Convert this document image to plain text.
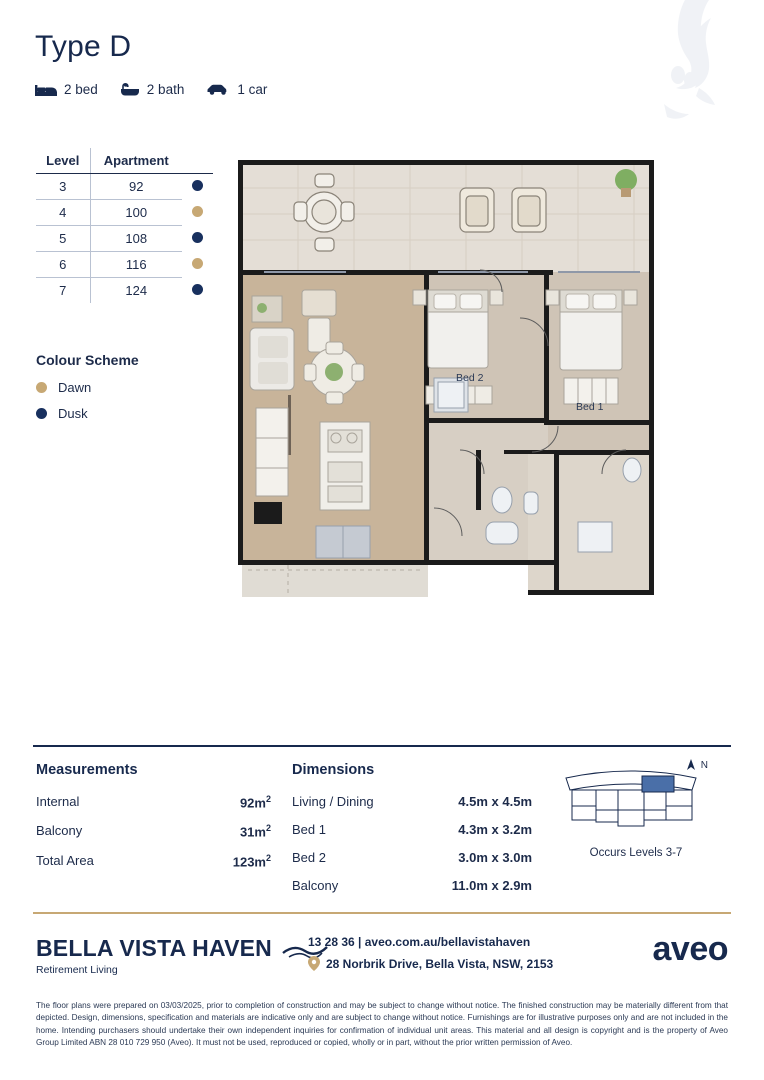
Type D
2 bed	2 bath	1 car
Level	Apartment	
3	92	
4	100	
5	108	
6	116	
7	124	
Colour Scheme
Dawn
Dusk
Bed 2
Bed 1
Measurements
Internal	$92m^2$
Balcony	$31m^2$
Total Area	$123m^2$
Dimensions
Living / Dining	4.5m x 4.5m
Bed 1	4.3m x 3.2m
Bed 2	3.0m x 3.0m
Balcony	11.0m x 2.9m
N
Occurs Levels 3-7
BELLA VISTA HAVEN
Retirement Living
13 28 36 | aveo.com.au/bellavistahaven
28 Norbrik Drive, Bella Vista, NSW, 2153	aveo
The floor plans were prepared on 03/03/2025, prior to completion of construction and may be subject to change without notice. The finished construction may be materially different from that depicted. Design, dimensions, specification and materials are indicative only and are subject to change without notice. Furnishings are for illustrative purposes only and are not included in the home. Intending purchasers should undertake their own independent inquiries for confirmation of individual unit areas. This material and all design is copyright and is the property of Aveo Group Limited ABN 28 010 729 950 (Aveo). It must not be used, reproduced or copied, wholly or in part, without the prior written permission of Aveo.
